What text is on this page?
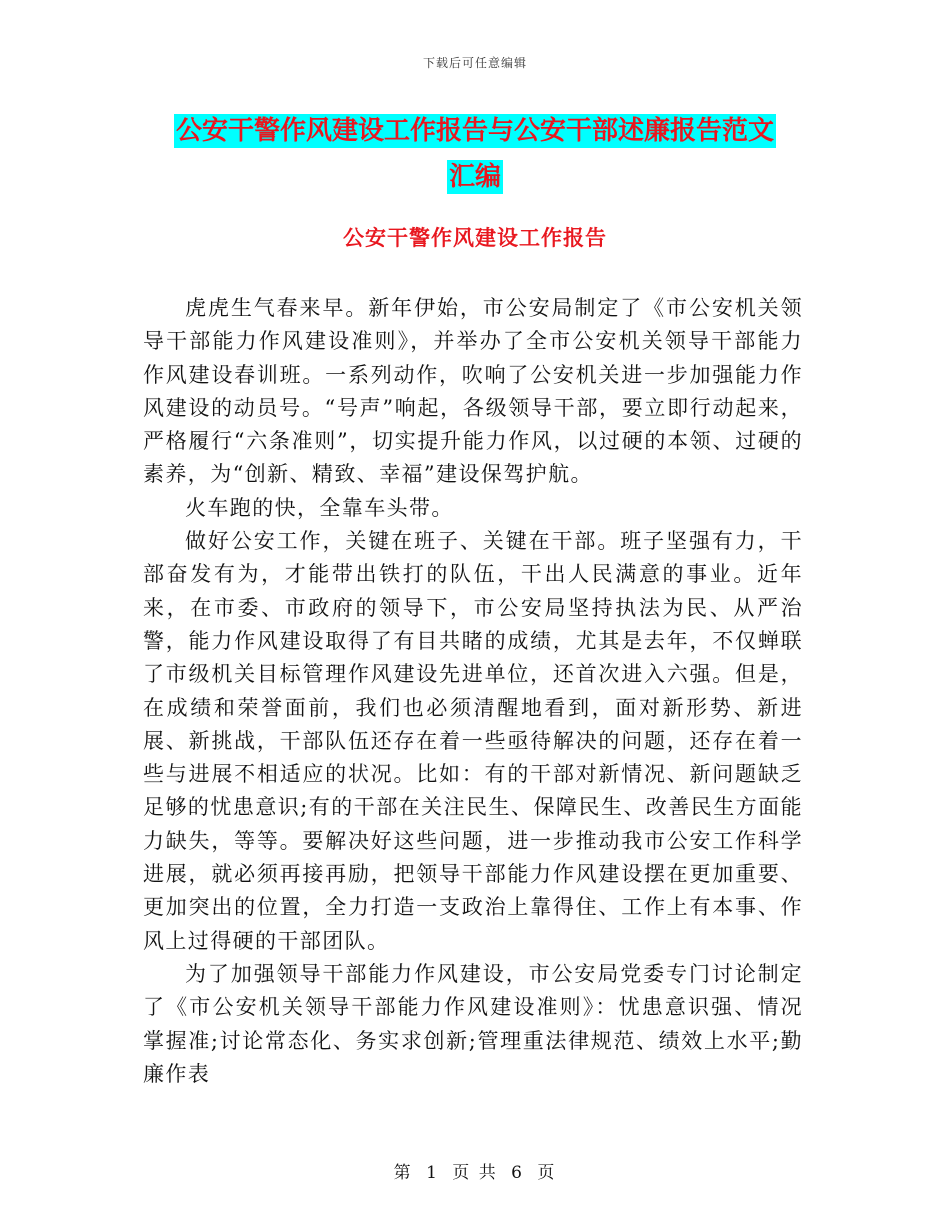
下载后可任意编辑
公安干警作风建设工作报告与公安干部述廉报告范文
汇编
公安干警作风建设工作报告

虎虎生气春来早。新年伊始，市公安局制定了《市公安机关领导干部能力作风建设准则》，并举办了全市公安机关领导干部能力作风建设春训班。一系列动作，吹响了公安机关进一步加强能力作风建设的动员号。“号声”响起，各级领导干部，要立即行动起来，严格履行“六条准则”，切实提升能力作风，以过硬的本领、过硬的素养，为“创新、精致、幸福”建设保驾护航。

火车跑的快，全靠车头带。

做好公安工作，关键在班子、关键在干部。班子坚强有力，干部奋发有为，才能带出铁打的队伍，干出人民满意的事业。近年来，在市委、市政府的领导下，市公安局坚持执法为民、从严治警，能力作风建设取得了有目共睹的成绩，尤其是去年，不仅蝉联了市级机关目标管理作风建设先进单位，还首次进入六强。但是，在成绩和荣誉面前，我们也必须清醒地看到，面对新形势、新进展、新挑战，干部队伍还存在着一些亟待解决的问题，还存在着一些与进展不相适应的状况。比如：有的干部对新情况、新问题缺乏足够的忧患意识;有的干部在关注民生、保障民生、改善民生方面能力缺失，等等。要解决好这些问题，进一步推动我市公安工作科学进展，就必须再接再励，把领导干部能力作风建设摆在更加重要、更加突出的位置，全力打造一支政治上靠得住、工作上有本事、作风上过得硬的干部团队。

为了加强领导干部能力作风建设，市公安局党委专门讨论制定了《市公安机关领导干部能力作风建设准则》：忧患意识强、情况掌握准;讨论常态化、务实求创新;管理重法律规范、绩效上水平;勤廉作表

第 1 页 共 6 页
